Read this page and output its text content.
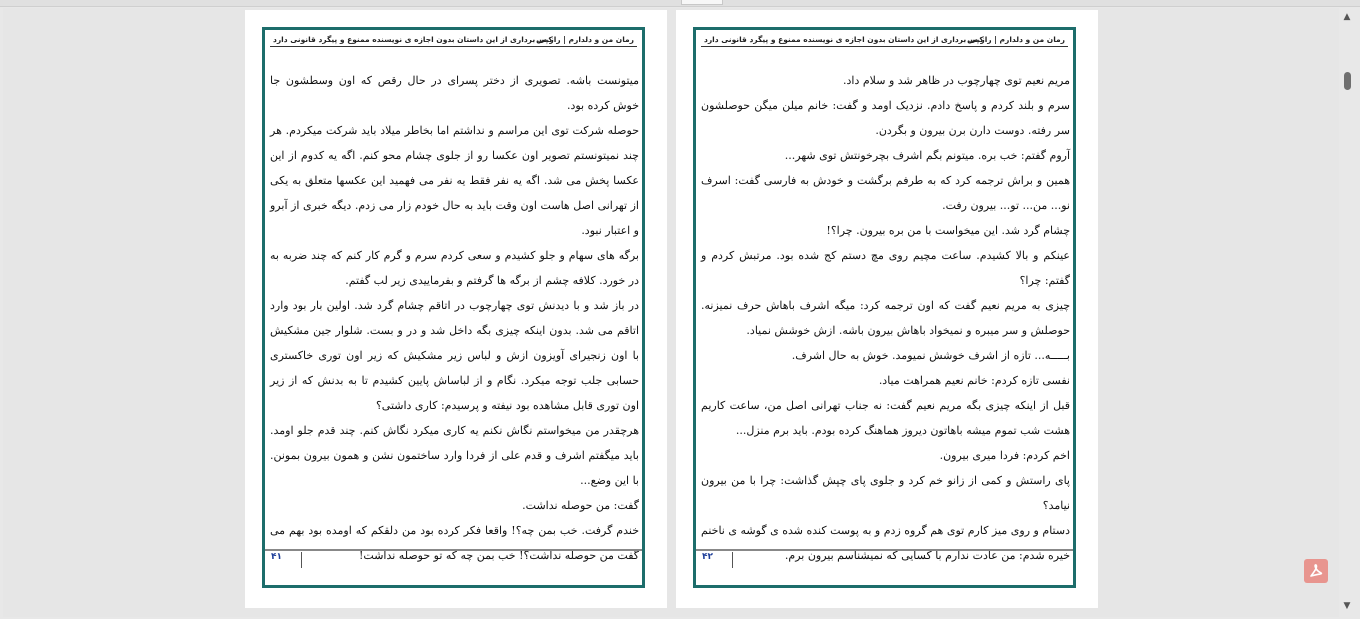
رمان من و دلدارم | راز.س
کپی برداری از این داستان بدون اجازه ی نویسنده ممنوع و پیگرد قانونی دارد

میتونست باشه. تصویری از دختر پسرای در حال رقص که اون وسطشون جا خوش کرده بود.

حوصله شرکت توی این مراسم و نداشتم اما بخاطر میلاد باید شرکت میکردم. هر چند نمیتونستم تصویر اون عکسا رو از جلوی چشام محو کنم. اگه یه کدوم از این عکسا پخش می شد. اگه یه نفر فقط یه نفر می فهمید این عکسها متعلق به یکی از تهرانی اصل هاست اون وقت باید به حال خودم زار می زدم. دیگه خبری از آبرو و اعتبار نبود.

برگه های سهام و جلو کشیدم و سعی کردم سرم و گرم کار کنم که چند ضربه به در خورد. کلافه چشم از برگه ها گرفتم و بفرماییدی زیر لب گفتم.

در باز شد و با دیدنش توی چهارچوب در اتاقم چشام گرد شد. اولین بار بود وارد اتاقم می شد. بدون اینکه چیزی بگه داخل شد و در و بست. شلوار جین مشکیش با اون زنجیرای آویزون ازش و لباس زیر مشکیش که زیر اون توری خاکستری حسابی جلب توجه میکرد. نگام و از لباساش پایین کشیدم تا به بدنش که از زیر اون توری قابل مشاهده بود نیفته و پرسیدم: کاری داشتی؟

هرچقدر من میخواستم نگاش نکنم یه کاری میکرد نگاش کنم. چند قدم جلو اومد. باید میگفتم اشرف و قدم علی از فردا وارد ساختمون نشن و همون بیرون بمونن. با این وضع...

گفت: من حوصله نداشت.

خندم گرفت. خب بمن چه؟! واقعا فکر کرده بود من دلقکم که اومده بود بهم می گفت من حوصله نداشت؟! خب بمن چه که تو حوصله نداشت!

۴۱
رمان من و دلدارم | راز.س
کپی برداری از این داستان بدون اجازه ی نویسنده ممنوع و پیگرد قانونی دارد

مریم نعیم توی چهارچوب در ظاهر شد و سلام داد.

سرم و بلند کردم و پاسخ دادم. نزدیک اومد و گفت: خانم میلن میگن حوصلشون سر رفته. دوست دارن برن بیرون و بگردن.

آروم گفتم: خب بره. میتونم بگم اشرف بچرخونتش توی شهر...

همین و براش ترجمه کرد که به طرفم برگشت و خودش به فارسی گفت: اسرف نو... من... تو... بیرون رفت.

چشام گرد شد. این میخواست با من بره بیرون. چرا؟!

عینکم و بالا کشیدم. ساعت مچیم روی مچ دستم کج شده بود. مرتبش کردم و گفتم: چرا؟

چیزی به مریم نعیم گفت که اون ترجمه کرد: میگه اشرف باهاش حرف نمیزنه. حوصلش و سر میبره و نمیخواد باهاش بیرون باشه. ازش خوشش نمیاد.

بـــــه... تازه از اشرف خوشش نمیومد. خوش به حال اشرف.

نفسی تازه کردم: خانم نعیم همراهت میاد.

قبل از اینکه چیزی بگه مریم نعیم گفت: نه جناب تهرانی اصل من، ساعت کاریم هشت شب تموم میشه باهاتون دیروز هماهنگ کرده بودم. باید برم منزل...

اخم کردم: فردا میری بیرون.

پای راستش و کمی از زانو خم کرد و جلوی پای چپش گذاشت: چرا با من بیرون نیامد؟

دستام و روی میز کارم توی هم گروه زدم و به پوست کنده شده ی گوشه ی ناخنم خیره شدم: من عادت ندارم با کسایی که نمیشناسم بیرون برم.

۴۲
▲
▼
